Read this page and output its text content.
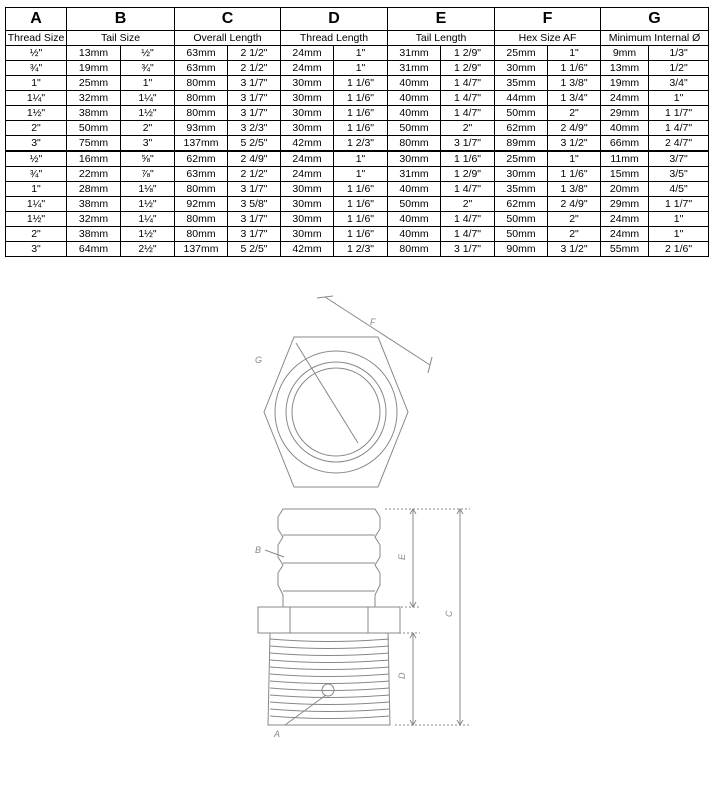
A	B		C		D		E		F		G	
Thread Size	Tail Size		Overall Length		Thread Length		Tail Length		Hex Size AF		Minimum Internal Ø	
½"	13mm	½"	63mm	2 1/2"	24mm	1"	31mm	1 2/9"	25mm	1"	9mm	1/3"
¾"	19mm	¾"	63mm	2 1/2"	24mm	1"	31mm	1 2/9"	30mm	1 1/6"	13mm	1/2"
1"	25mm	1"	80mm	3 1/7"	30mm	1 1/6"	40mm	1 4/7"	35mm	1 3/8"	19mm	3/4"
1¼"	32mm	1¼"	80mm	3 1/7"	30mm	1 1/6"	40mm	1 4/7"	44mm	1 3/4"	24mm	1"
1½"	38mm	1½"	80mm	3 1/7"	30mm	1 1/6"	40mm	1 4/7"	50mm	2"	29mm	1 1/7"
2"	50mm	2"	93mm	3 2/3"	30mm	1 1/6"	50mm	2"	62mm	2 4/9"	40mm	1 4/7"
3"	75mm	3"	137mm	5 2/5"	42mm	1 2/3"	80mm	3 1/7"	89mm	3 1/2"	66mm	2 4/7"
½"	16mm	⅝"	62mm	2 4/9"	24mm	1"	30mm	1 1/6"	25mm	1"	11mm	3/7"
¾"	22mm	⅞"	63mm	2 1/2"	24mm	1"	31mm	1 2/9"	30mm	1 1/6"	15mm	3/5"
1"	28mm	1⅛"	80mm	3 1/7"	30mm	1 1/6"	40mm	1 4/7"	35mm	1 3/8"	20mm	4/5"
1¼"	38mm	1½"	92mm	3 5/8"	30mm	1 1/6"	50mm	2"	62mm	2 4/9"	29mm	1 1/7"
1½"	32mm	1¼"	80mm	3 1/7"	30mm	1 1/6"	40mm	1 4/7"	50mm	2"	24mm	1"
2"	38mm	1½"	80mm	3 1/7"	30mm	1 1/6"	40mm	1 4/7"	50mm	2"	24mm	1"
3"	64mm	2½"	137mm	5 2/5"	42mm	1 2/3"	80mm	3 1/7"	90mm	3 1/2"	55mm	2 1/6"
F
G
A
B
C
D
E
